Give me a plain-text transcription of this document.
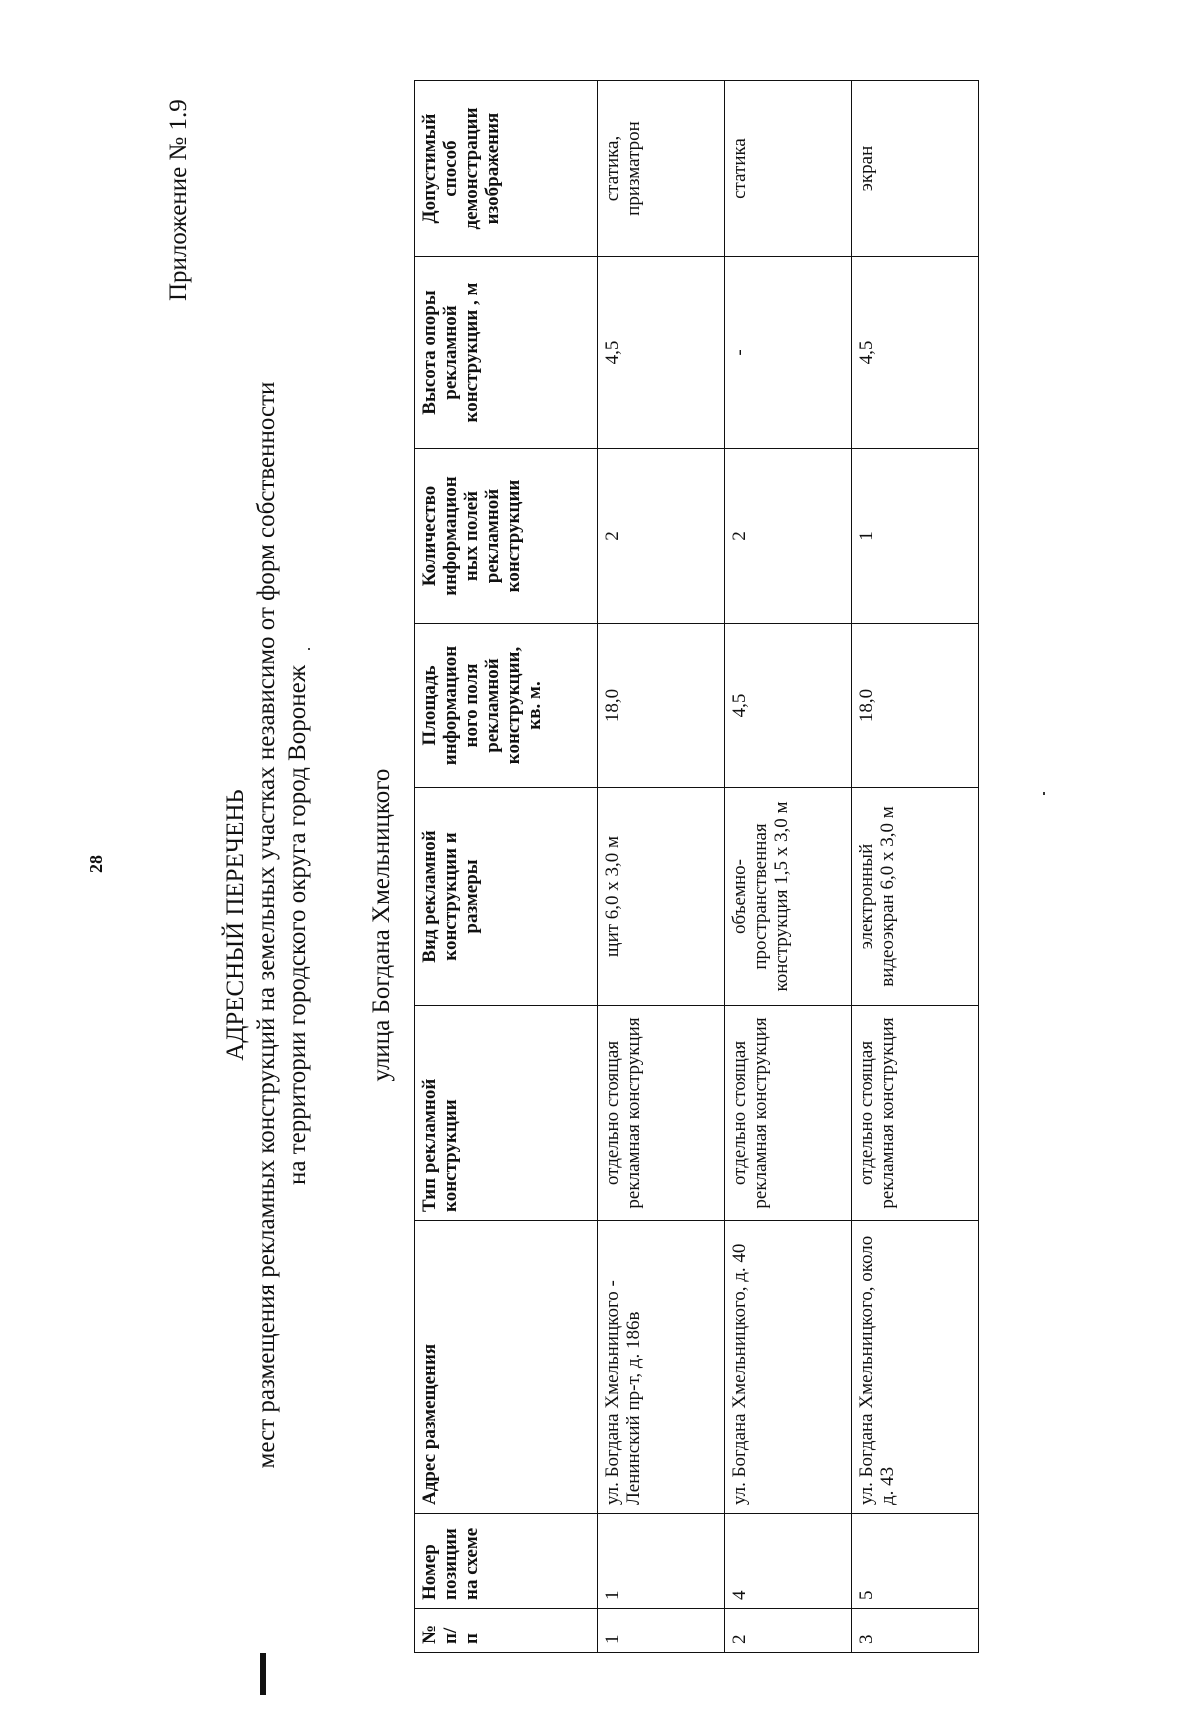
28
Приложение № 1.9
АДРЕСНЫЙ ПЕРЕЧЕНЬ мест размещения рекламных конструкций на земельных участках независимо от форм собственности на территории городского округа город Воронеж улица Богдана Хмельницкого
№ п/п	Номер позиции на схеме	Адрес размещения	Тип рекламной конструкции	Вид рекламной конструкции и размеры	Площадь информацион ного поля рекламной конструкции, кв. м.	Количество информацион ных полей рекламной конструкции	Высота опоры рекламной конструкции , м	Допустимый способ демонстрации изображения
1	1	ул. Богдана Хмельницкого - Ленинский пр-т, д. 186в	отдельно стоящая рекламная конструкция	щит 6,0 х 3,0 м	18,0	2	4,5	статика, призматрон
2	4	ул. Богдана Хмельницкого, д. 40	отдельно стоящая рекламная конструкция	объемно-пространственная конструкция 1,5 х 3,0 м	4,5	2	-	статика
3	5	ул. Богдана Хмельницкого, около д. 43	отдельно стоящая рекламная конструкция	электронный видеоэкран 6,0 х 3,0 м	18,0	1	4,5	экран
